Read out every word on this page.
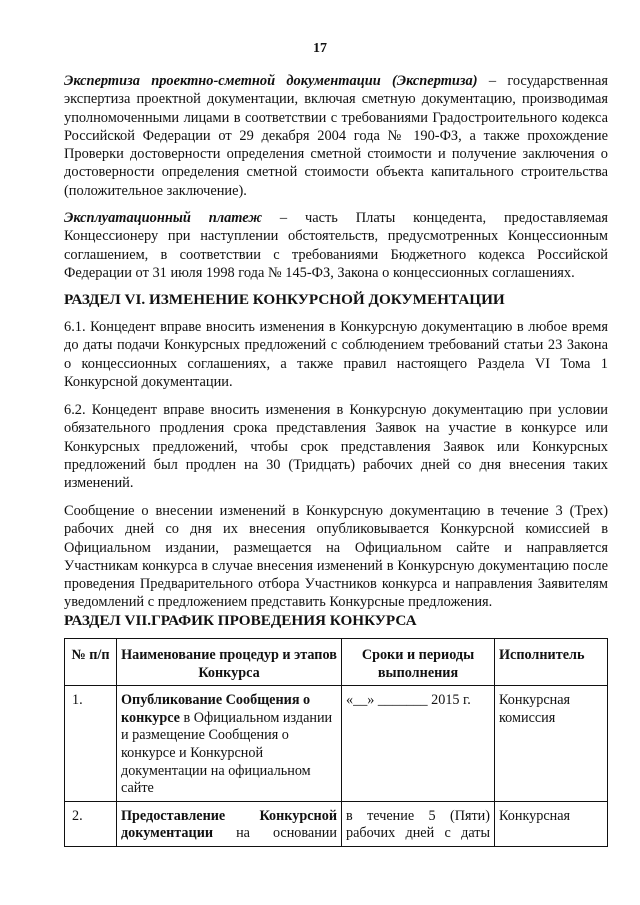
17

Экспертиза проектно-сметной документации (Экспертиза) – государственная экспертиза проектной документации, включая сметную документацию, производимая уполномоченными лицами в соответствии с требованиями Градостроительного кодекса Российской Федерации от 29 декабря 2004 года № 190-ФЗ, а также прохождение Проверки достоверности определения сметной стоимости и получение заключения о достоверности определения сметной стоимости объекта капитального строительства (положительное заключение).

Эксплуатационный платеж – часть Платы концедента, предоставляемая Концессионеру при наступлении обстоятельств, предусмотренных Концессионным соглашением, в соответствии с требованиями Бюджетного кодекса Российской Федерации от 31 июля 1998 года № 145-ФЗ, Закона о концессионных соглашениях.

РАЗДЕЛ VI. ИЗМЕНЕНИЕ КОНКУРСНОЙ ДОКУМЕНТАЦИИ

6.1. Концедент вправе вносить изменения в Конкурсную документацию в любое время до даты подачи Конкурсных предложений с соблюдением требований статьи 23 Закона о концессионных соглашениях, а также правил настоящего Раздела VI Тома 1 Конкурсной документации.

6.2. Концедент вправе вносить изменения в Конкурсную документацию при условии обязательного продления срока представления Заявок на участие в конкурсе или Конкурсных предложений, чтобы срок представления Заявок или Конкурсных предложений был продлен на 30 (Тридцать) рабочих дней со дня внесения таких изменений.

Сообщение о внесении изменений в Конкурсную документацию в течение 3 (Трех) рабочих дней со дня их внесения опубликовывается Конкурсной комиссией в Официальном издании, размещается на Официальном сайте и направляется Участникам конкурса в случае внесения изменений в Конкурсную документацию после проведения Предварительного отбора Участников конкурса и направления Заявителям уведомлений с предложением представить Конкурсные предложения.

РАЗДЕЛ VII.ГРАФИК ПРОВЕДЕНИЯ КОНКУРСА
№ п/п	Наименование процедур и этапов Конкурса	Сроки и периоды выполнения	Исполнитель
1.	Опубликование Сообщения о конкурсе в Официальном издании и размещение Сообщения о конкурсе и Конкурсной документации на официальном сайте	«__» _______ 2015 г.	Конкурсная комиссия
2.	Предоставление Конкурсной документации на основании	в течение 5 (Пяти) рабочих дней с даты	Конкурсная
